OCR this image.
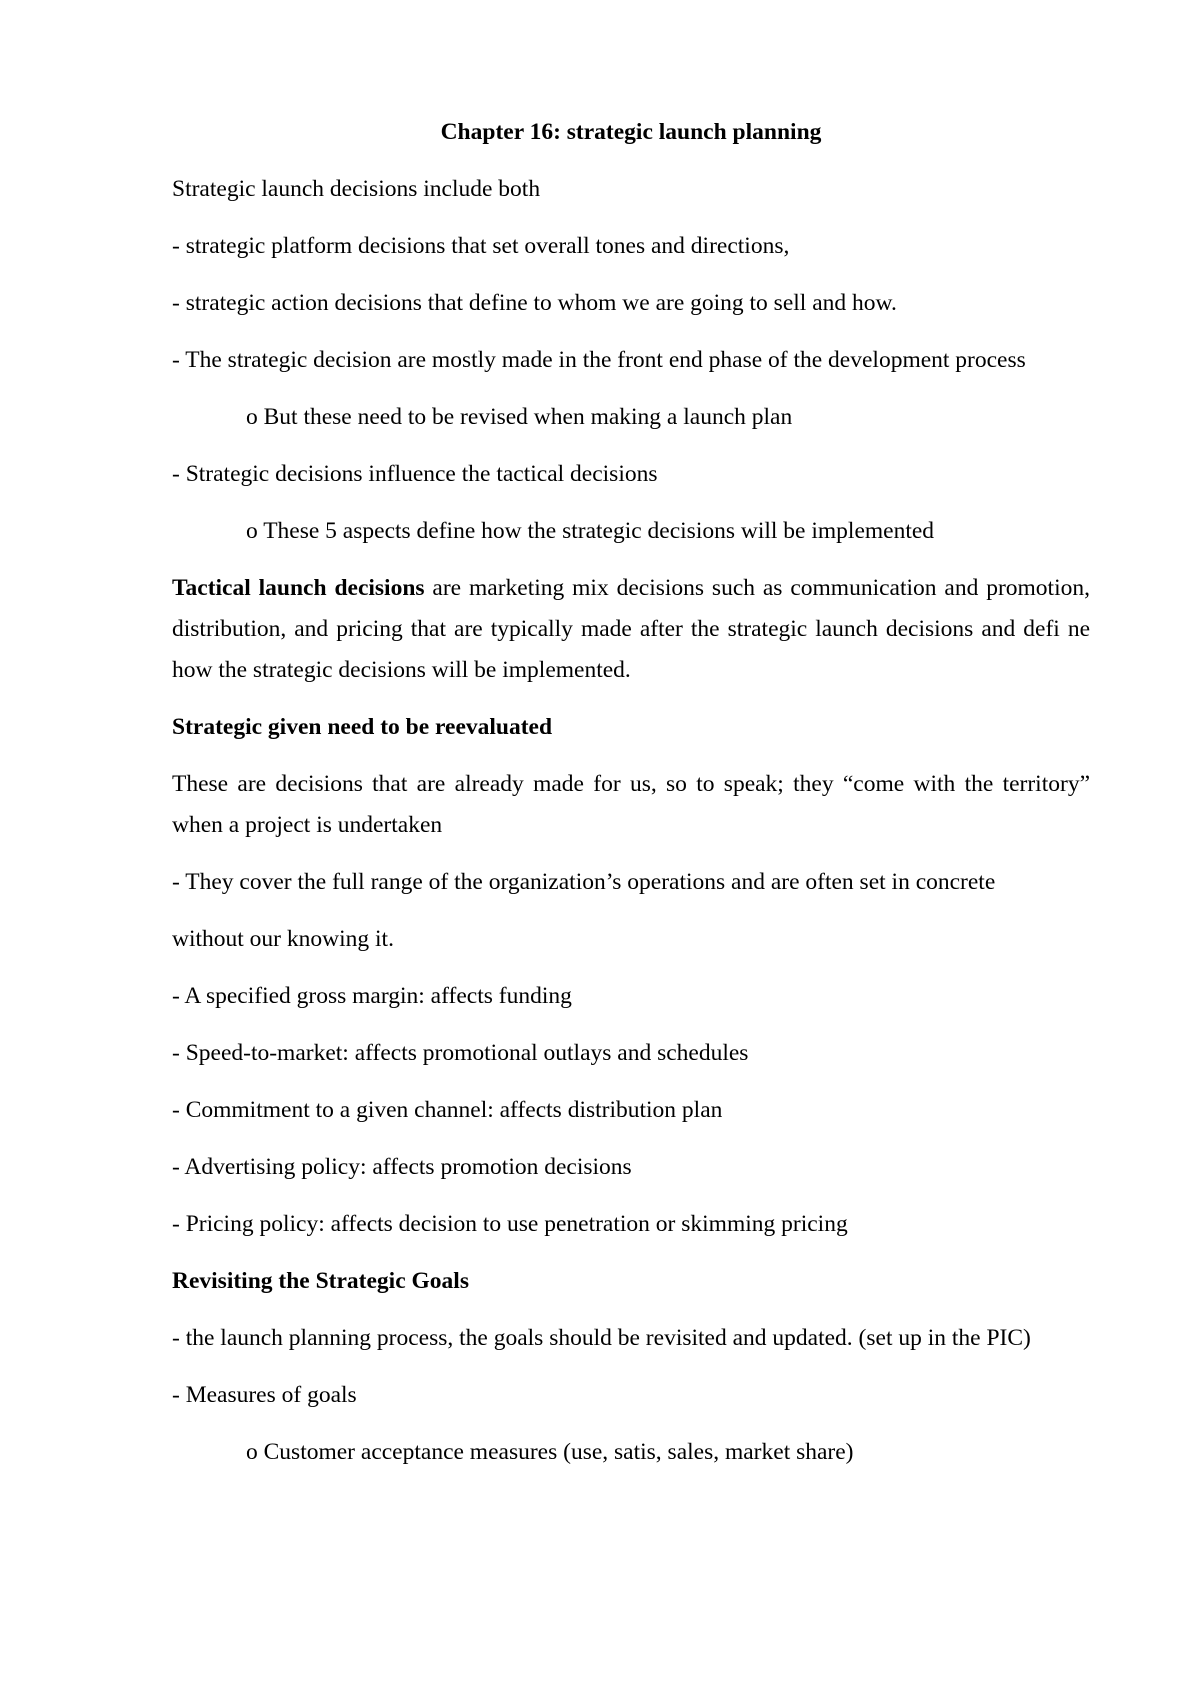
Chapter 16: strategic launch planning

Strategic launch decisions include both

- strategic platform decisions that set overall tones and directions,

- strategic action decisions that define to whom we are going to sell and how.

- The strategic decision are mostly made in the front end phase of the development process

o But these need to be revised when making a launch plan

- Strategic decisions influence the tactical decisions

o These 5 aspects define how the strategic decisions will be implemented

Tactical launch decisions are marketing mix decisions such as communication and promotion, distribution, and pricing that are typically made after the strategic launch decisions and defi ne how the strategic decisions will be implemented.

Strategic given need to be reevaluated

These are decisions that are already made for us, so to speak; they “come with the territory” when a project is undertaken

- They cover the full range of the organization’s operations and are often set in concrete

without our knowing it.

- A specified gross margin: affects funding

- Speed-to-market: affects promotional outlays and schedules

- Commitment to a given channel: affects distribution plan

- Advertising policy: affects promotion decisions

- Pricing policy: affects decision to use penetration or skimming pricing

Revisiting the Strategic Goals

- the launch planning process, the goals should be revisited and updated. (set up in the PIC)

- Measures of goals

o Customer acceptance measures (use, satis, sales, market share)
